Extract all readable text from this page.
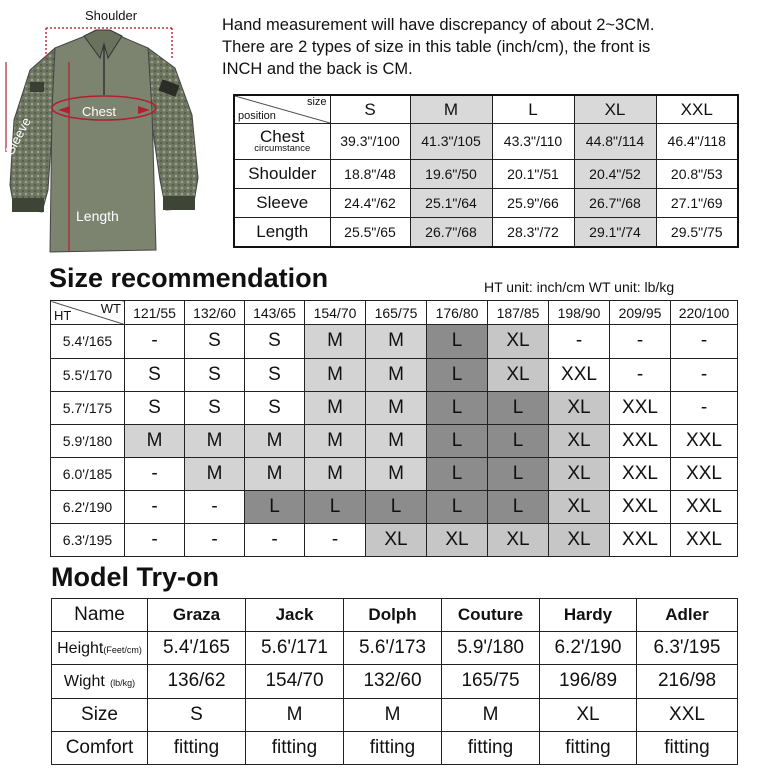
Shoulder
Chest
Sleeve
Length
Hand measurement will have discrepancy of about 2~3CM.
There are 2 types of size in this table (inch/cm), the front is
INCH and the back is CM.
size
position	S	M	L	XL	XXL

Chest
circumstance	39.3"/100	41.3"/105	43.3"/110	44.8"/114	46.4"/118
Shoulder	18.8"/48	19.6"/50	20.1"/51	20.4"/52	20.8"/53
Sleeve	24.4"/62	25.1"/64	25.9"/66	26.7"/68	27.1"/69
Length	25.5"/65	26.7"/68	28.3"/72	29.1"/74	29.5"/75
Size recommendation	HT unit: inch/cm WT unit: lb/kg
WT
HT	121/55	132/60	143/65	154/70	165/75	176/80	187/85	198/90	209/95	220/100
5.4'/165	-	S	S	M	M	L	XL	-	-	-
5.5'/170	S	S	S	M	M	L	XL	XXL	-	-
5.7'/175	S	S	S	M	M	L	L	XL	XXL	-
5.9'/180	M	M	M	M	M	L	L	XL	XXL	XXL
6.0'/185	-	M	M	M	M	L	L	XL	XXL	XXL
6.2'/190	-	-	L	L	L	L	L	XL	XXL	XXL
6.3'/195	-	-	-	-	XL	XL	XL	XL	XXL	XXL
Model Try-on
Name	Graza	Jack	Dolph	Couture	Hardy	Adler
Height(Feet/cm)	5.4'/165	5.6'/171	5.6'/173	5.9'/180	6.2'/190	6.3'/195
Wight (lb/kg)	136/62	154/70	132/60	165/75	196/89	216/98
Size	S	M	M	M	XL	XXL
Comfort	fitting	fitting	fitting	fitting	fitting	fitting
